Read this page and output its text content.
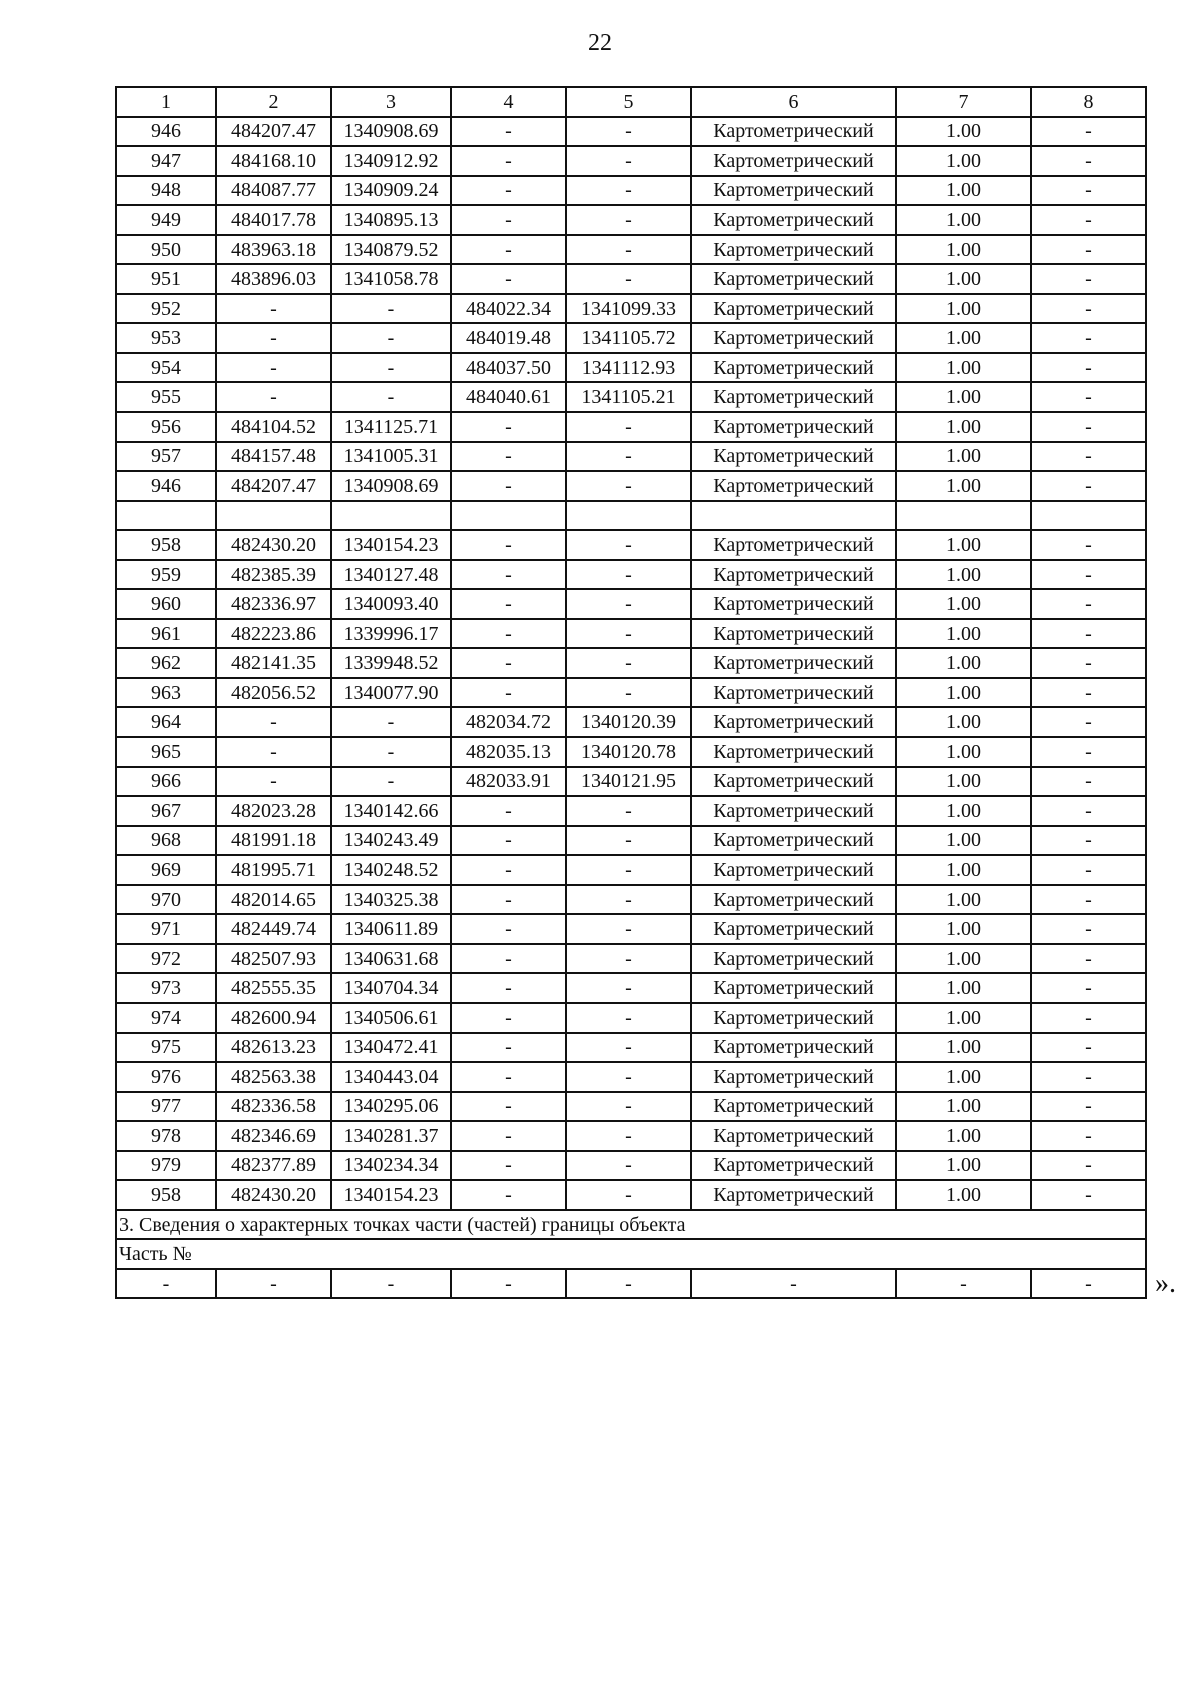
22
1	2	3	4	5	6	7	8
946	484207.47	1340908.69	-	-	Картометрический	1.00	-
947	484168.10	1340912.92	-	-	Картометрический	1.00	-
948	484087.77	1340909.24	-	-	Картометрический	1.00	-
949	484017.78	1340895.13	-	-	Картометрический	1.00	-
950	483963.18	1340879.52	-	-	Картометрический	1.00	-
951	483896.03	1341058.78	-	-	Картометрический	1.00	-
952	-	-	484022.34	1341099.33	Картометрический	1.00	-
953	-	-	484019.48	1341105.72	Картометрический	1.00	-
954	-	-	484037.50	1341112.93	Картометрический	1.00	-
955	-	-	484040.61	1341105.21	Картометрический	1.00	-
956	484104.52	1341125.71	-	-	Картометрический	1.00	-
957	484157.48	1341005.31	-	-	Картометрический	1.00	-
946	484207.47	1340908.69	-	-	Картометрический	1.00	-

958	482430.20	1340154.23	-	-	Картометрический	1.00	-
959	482385.39	1340127.48	-	-	Картометрический	1.00	-
960	482336.97	1340093.40	-	-	Картометрический	1.00	-
961	482223.86	1339996.17	-	-	Картометрический	1.00	-
962	482141.35	1339948.52	-	-	Картометрический	1.00	-
963	482056.52	1340077.90	-	-	Картометрический	1.00	-
964	-	-	482034.72	1340120.39	Картометрический	1.00	-
965	-	-	482035.13	1340120.78	Картометрический	1.00	-
966	-	-	482033.91	1340121.95	Картометрический	1.00	-
967	482023.28	1340142.66	-	-	Картометрический	1.00	-
968	481991.18	1340243.49	-	-	Картометрический	1.00	-
969	481995.71	1340248.52	-	-	Картометрический	1.00	-
970	482014.65	1340325.38	-	-	Картометрический	1.00	-
971	482449.74	1340611.89	-	-	Картометрический	1.00	-
972	482507.93	1340631.68	-	-	Картометрический	1.00	-
973	482555.35	1340704.34	-	-	Картометрический	1.00	-
974	482600.94	1340506.61	-	-	Картометрический	1.00	-
975	482613.23	1340472.41	-	-	Картометрический	1.00	-
976	482563.38	1340443.04	-	-	Картометрический	1.00	-
977	482336.58	1340295.06	-	-	Картометрический	1.00	-
978	482346.69	1340281.37	-	-	Картометрический	1.00	-
979	482377.89	1340234.34	-	-	Картометрический	1.00	-
958	482430.20	1340154.23	-	-	Картометрический	1.00	-
3. Сведения о характерных точках части (частей) границы объекта							
Часть №							
-	-	-	-	-	-	-	- ».
